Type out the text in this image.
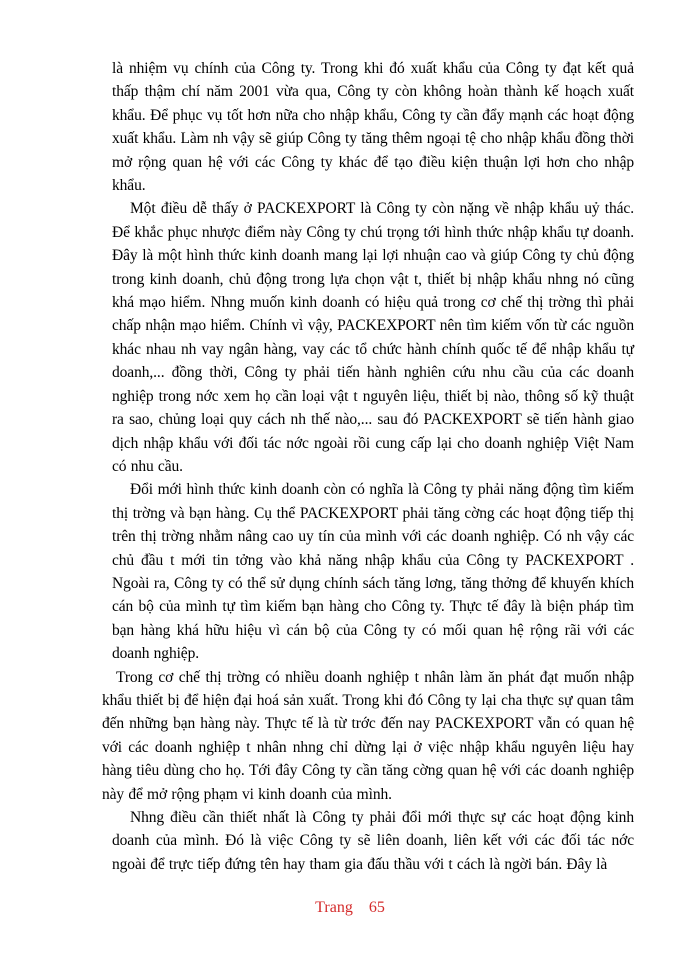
là nhiệm vụ chính của Công ty. Trong khi đó xuất khẩu của Công ty đạt kết quả thấp thậm chí năm 2001 vừa qua, Công ty còn không hoàn thành kế hoạch xuất khẩu. Để phục vụ tốt hơn nữa cho nhập khẩu, Công ty cần đẩy mạnh các hoạt động xuất khẩu. Làm nh vậy sẽ giúp Công ty tăng thêm ngoại tệ cho nhập khẩu đồng thời mở rộng quan hệ với các Công ty khác để tạo điều kiện thuận lợi hơn cho nhập khẩu.

Một điều dễ thấy ở PACKEXPORT là Công ty còn nặng về nhập khẩu uỷ thác. Để khắc phục nhược điểm này Công ty chú trọng tới hình thức nhập khẩu tự doanh. Đây là một hình thức kinh doanh mang lại lợi nhuận cao và giúp Công ty chủ động trong kinh doanh, chủ động trong lựa chọn vật t, thiết bị nhập khẩu nhng nó cũng khá mạo hiểm. Nhng muốn kinh doanh có hiệu quả trong cơ chế thị trờng thì phải chấp nhận mạo hiểm. Chính vì vậy, PACKEXPORT nên tìm kiếm vốn từ các nguồn khác nhau nh vay ngân hàng, vay các tổ chức hành chính quốc tế để nhập khẩu tự doanh,... đồng thời, Công ty phải tiến hành nghiên cứu nhu cầu của các doanh nghiệp trong nớc xem họ cần loại vật t nguyên liệu, thiết bị nào, thông số kỹ thuật ra sao, chủng loại quy cách nh thế nào,... sau đó PACKEXPORT sẽ tiến hành giao dịch nhập khẩu với đối tác nớc ngoài rồi cung cấp lại cho doanh nghiệp Việt Nam có nhu cầu.

Đổi mới hình thức kinh doanh còn có nghĩa là Công ty phải năng động tìm kiếm thị trờng và bạn hàng. Cụ thể PACKEXPORT phải tăng cờng các hoạt động tiếp thị trên thị trờng nhằm nâng cao uy tín của mình với các doanh nghiệp. Có nh vậy các chủ đầu t mới tin tởng vào khả năng nhập khẩu của Công ty PACKEXPORT . Ngoài ra, Công ty có thể sử dụng chính sách tăng lơng, tăng thởng để khuyến khích cán bộ của mình tự tìm kiếm bạn hàng cho Công ty. Thực tế đây là biện pháp tìm bạn hàng khá hữu hiệu vì cán bộ của Công ty có mối quan hệ rộng rãi với các doanh nghiệp.

Trong cơ chế thị trờng có nhiều doanh nghiệp t nhân làm ăn phát đạt muốn nhập khẩu thiết bị để hiện đại hoá sản xuất. Trong khi đó Công ty lại cha thực sự quan tâm đến những bạn hàng này. Thực tế là từ trớc đến nay PACKEXPORT vẫn có quan hệ với các doanh nghiệp t nhân nhng chỉ dừng lại ở việc nhập khẩu nguyên liệu hay hàng tiêu dùng cho họ. Tới đây Công ty cần tăng cờng quan hệ với các doanh nghiệp này để mở rộng phạm vi kinh doanh của mình.

Nhng điều cần thiết nhất là Công ty phải đổi mới thực sự các hoạt động kinh doanh của mình. Đó là việc Công ty sẽ liên doanh, liên kết với các đối tác nớc ngoài để trực tiếp đứng tên hay tham gia đấu thầu với t cách là ngời bán. Đây là

Trang 65
